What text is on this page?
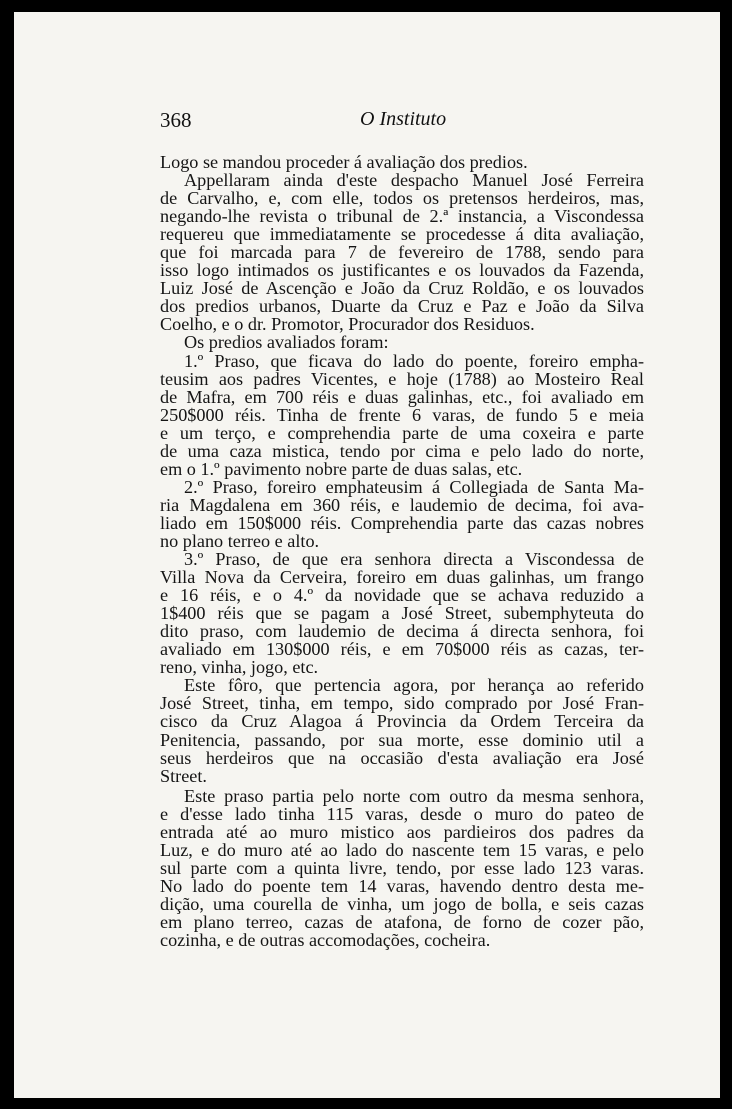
368	O Instituto
Logo se mandou proceder á avaliação dos predios.
Appellaram ainda d'este despacho Manuel José Ferreira
de Carvalho, e, com elle, todos os pretensos herdeiros, mas,
negando-lhe revista o tribunal de 2.ª instancia, a Viscondessa
requereu que immediatamente se procedesse á dita avaliação,
que foi marcada para 7 de fevereiro de 1788, sendo para
isso logo intimados os justificantes e os louvados da Fazenda,
Luiz José de Ascenção e João da Cruz Roldão, e os louvados
dos predios urbanos, Duarte da Cruz e Paz e João da Silva
Coelho, e o dr. Promotor, Procurador dos Residuos.
Os predios avaliados foram:
1.º Praso, que ficava do lado do poente, foreiro empha-
teusim aos padres Vicentes, e hoje (1788) ao Mosteiro Real
de Mafra, em 700 réis e duas galinhas, etc., foi avaliado em
250$000 réis. Tinha de frente 6 varas, de fundo 5 e meia
e um terço, e comprehendia parte de uma coxeira e parte
de uma caza mistica, tendo por cima e pelo lado do norte,
em o 1.º pavimento nobre parte de duas salas, etc.
2.º Praso, foreiro emphateusim á Collegiada de Santa Ma-
ria Magdalena em 360 réis, e laudemio de decima, foi ava-
liado em 150$000 réis. Comprehendia parte das cazas nobres
no plano terreo e alto.
3.º Praso, de que era senhora directa a Viscondessa de
Villa Nova da Cerveira, foreiro em duas galinhas, um frango
e 16 réis, e o 4.º da novidade que se achava reduzido a
1$400 réis que se pagam a José Street, subemphyteuta do
dito praso, com laudemio de decima á directa senhora, foi
avaliado em 130$000 réis, e em 70$000 réis as cazas, ter-
reno, vinha, jogo, etc.
Este fôro, que pertencia agora, por herança ao referido
José Street, tinha, em tempo, sido comprado por José Fran-
cisco da Cruz Alagoa á Provincia da Ordem Terceira da
Penitencia, passando, por sua morte, esse dominio util a
seus herdeiros que na occasião d'esta avaliação era José
Street.
Este praso partia pelo norte com outro da mesma senhora,
e d'esse lado tinha 115 varas, desde o muro do pateo de
entrada até ao muro mistico aos pardieiros dos padres da
Luz, e do muro até ao lado do nascente tem 15 varas, e pelo
sul parte com a quinta livre, tendo, por esse lado 123 varas.
No lado do poente tem 14 varas, havendo dentro desta me-
dição, uma courella de vinha, um jogo de bolla, e seis cazas
em plano terreo, cazas de atafona, de forno de cozer pão,
cozinha, e de outras accomodações, cocheira.
